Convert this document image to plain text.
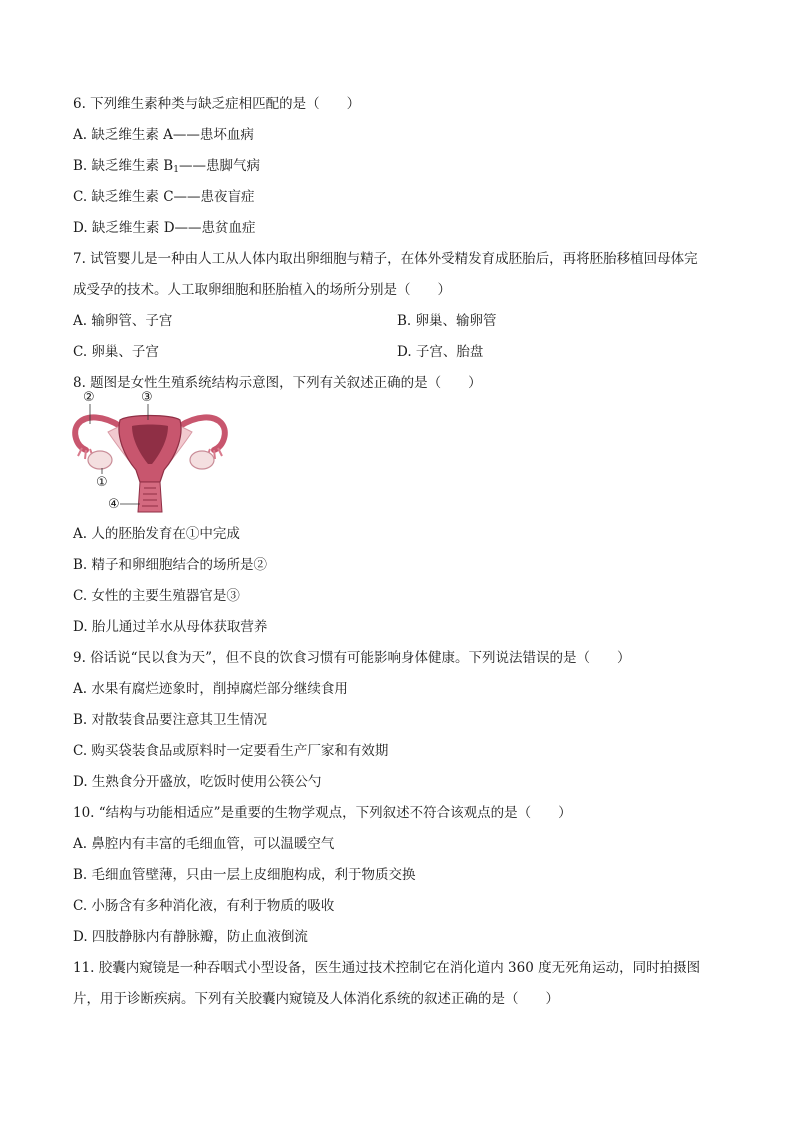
6. 下列维生素种类与缺乏症相匹配的是（　　）
A. 缺乏维生素 A——患坏血病
B. 缺乏维生素 $B_1——$患脚气病
C. 缺乏维生素 C——患夜盲症
D. 缺乏维生素 D——患贫血症
7. 试管婴儿是一种由人工从人体内取出卵细胞与精子，在体外受精发育成胚胎后，再将胚胎移植回母体完
成受孕的技术。人工取卵细胞和胚胎植入的场所分别是（　　）
A. 输卵管、子宫	B. 卵巢、输卵管
C. 卵巢、子宫	D. 子宫、胎盘
8. 题图是女性生殖系统结构示意图，下列有关叙述正确的是（　　）
①
②	③
④
A. 人的胚胎发育在①中完成
B. 精子和卵细胞结合的场所是②
C. 女性的主要生殖器官是③
D. 胎儿通过羊水从母体获取营养
9. 俗话说“民以食为天”，但不良的饮食习惯有可能影响身体健康。下列说法错误的是（　　）
A. 水果有腐烂迹象时，削掉腐烂部分继续食用
B. 对散装食品要注意其卫生情况
C. 购买袋装食品或原料时一定要看生产厂家和有效期
D. 生熟食分开盛放，吃饭时使用公筷公勺
10. “结构与功能相适应”是重要的生物学观点，下列叙述不符合该观点的是（　　）
A. 鼻腔内有丰富的毛细血管，可以温暖空气
B. 毛细血管壁薄，只由一层上皮细胞构成，利于物质交换
C. 小肠含有多种消化液，有利于物质的吸收
D. 四肢静脉内有静脉瓣，防止血液倒流
11. 胶囊内窥镜是一种吞咽式小型设备，医生通过技术控制它在消化道内 360 度无死角运动，同时拍摄图
片，用于诊断疾病。下列有关胶囊内窥镜及人体消化系统的叙述正确的是（　　）
